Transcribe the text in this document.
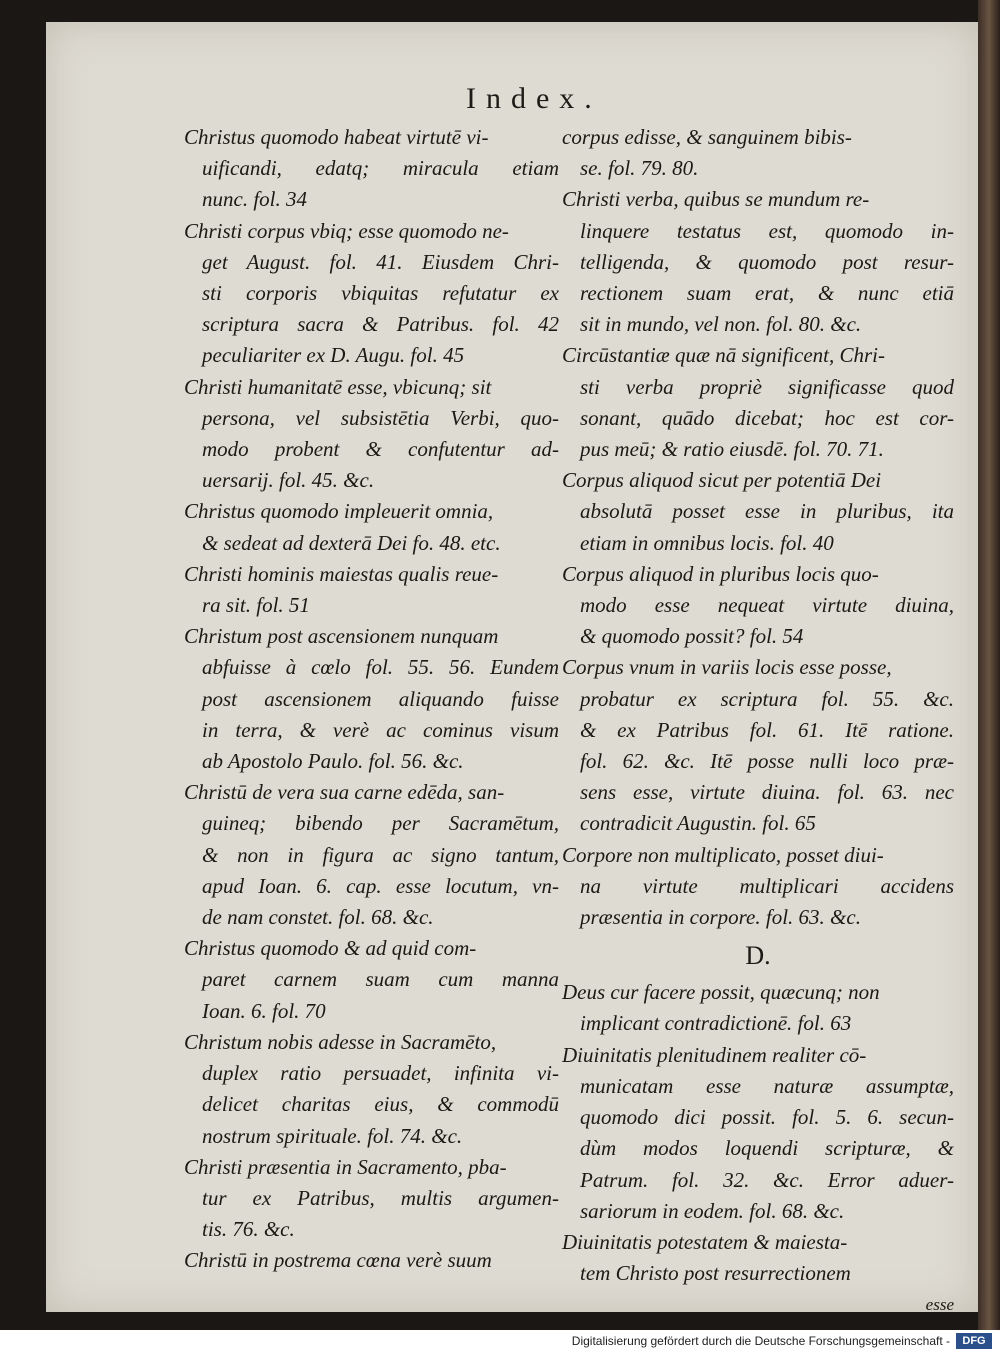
Index.
Christus quomodo habeat virtutē vi-
uificandi, edatq; miracula etiam
nunc. fol. 34
Christi corpus vbiq; esse quomodo ne-
get August. fol. 41. Eiusdem Chri-
sti corporis vbiquitas refutatur ex
scriptura sacra & Patribus. fol. 42
peculiariter ex D. Augu. fol. 45
Christi humanitatē esse, vbicunq; sit
persona, vel subsistētia Verbi, quo-
modo probent & confutentur ad-
uersarij. fol. 45. &c.
Christus quomodo impleuerit omnia,
& sedeat ad dexterā Dei fo. 48. etc.
Christi hominis maiestas qualis reue-
ra sit. fol. 51
Christum post ascensionem nunquam
abfuisse à cœlo fol. 55. 56. Eundem
post ascensionem aliquando fuisse
in terra, & verè ac cominus visum
ab Apostolo Paulo. fol. 56. &c.
Christū de vera sua carne edēda, san-
guineq; bibendo per Sacramētum,
& non in figura ac signo tantum,
apud Ioan. 6. cap. esse locutum, vn-
de nam constet. fol. 68. &c.
Christus quomodo & ad quid com-
paret carnem suam cum manna
Ioan. 6. fol. 70
Christum nobis adesse in Sacramēto,
duplex ratio persuadet, infinita vi-
delicet charitas eius, & commodū
nostrum spirituale. fol. 74. &c.
Christi præsentia in Sacramento, pba-
tur ex Patribus, multis argumen-
tis. 76. &c.
Christū in postrema cœna verè suum
corpus edisse, & sanguinem bibis-
se. fol. 79. 80.
Christi verba, quibus se mundum re-
linquere testatus est, quomodo in-
telligenda, & quomodo post resur-
rectionem suam erat, & nunc etiā
sit in mundo, vel non. fol. 80. &c.
Circūstantiæ quæ nā significent, Chri-
sti verba propriè significasse quod
sonant, quādo dicebat; hoc est cor-
pus meū; & ratio eiusdē. fol. 70. 71.
Corpus aliquod sicut per potentiā Dei
absolutā posset esse in pluribus, ita
etiam in omnibus locis. fol. 40
Corpus aliquod in pluribus locis quo-
modo esse nequeat virtute diuina,
& quomodo possit? fol. 54
Corpus vnum in variis locis esse posse,
probatur ex scriptura fol. 55. &c.
& ex Patribus fol. 61. Itē ratione.
fol. 62. &c. Itē posse nulli loco præ-
sens esse, virtute diuina. fol. 63. nec
contradicit Augustin. fol. 65
Corpore non multiplicato, posset diui-
na virtute multiplicari accidens
præsentia in corpore. fol. 63. &c.
D.
Deus cur facere possit, quæcunq; non
implicant contradictionē. fol. 63
Diuinitatis plenitudinem realiter cō-
municatam esse naturæ assumptæ,
quomodo dici possit. fol. 5. 6. secun-
dùm modos loquendi scripturæ, &
Patrum. fol. 32. &c. Error aduer-
sariorum in eodem. fol. 68. &c.
Diuinitatis potestatem & maiesta-
tem Christo post resurrectionem
esse
Digitalisierung gefördert durch die Deutsche Forschungsgemeinschaft -	DFG
